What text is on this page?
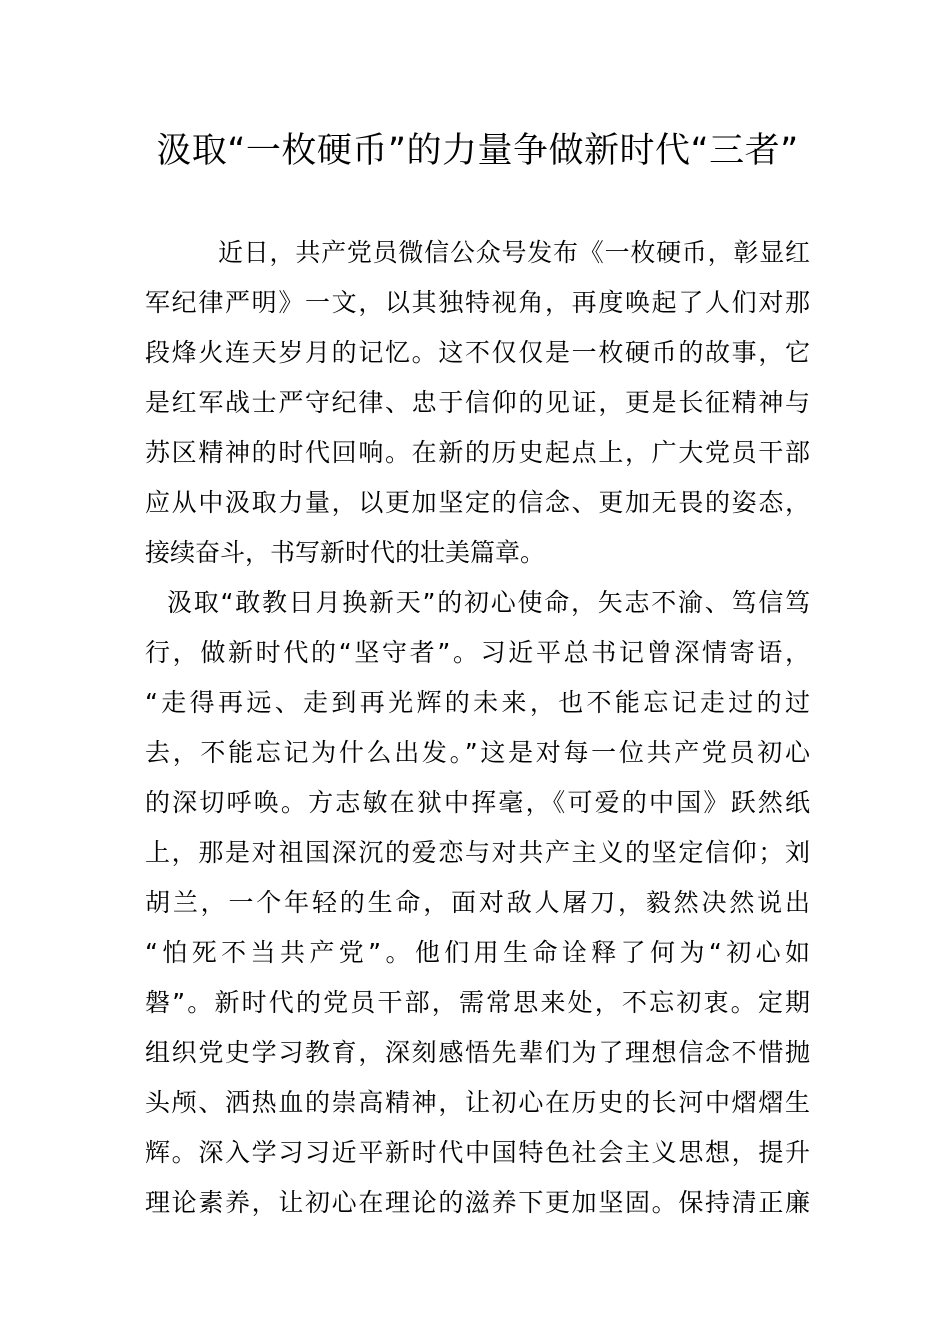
汲取“一枚硬币”的力量争做新时代“三者”
近日，共产党员微信公众号发布《一枚硬币，彰显红
军纪律严明》一文，以其独特视角，再度唤起了人们对那
段烽火连天岁月的记忆。这不仅仅是一枚硬币的故事，它
是红军战士严守纪律、忠于信仰的见证，更是长征精神与
苏区精神的时代回响。在新的历史起点上，广大党员干部
应从中汲取力量，以更加坚定的信念、更加无畏的姿态，
接续奋斗，书写新时代的壮美篇章。
汲取“敢教日月换新天”的初心使命，矢志不渝、笃信笃
行，做新时代的“坚守者”。习近平总书记曾深情寄语，
“走得再远、走到再光辉的未来，也不能忘记走过的过
去，不能忘记为什么出发。”这是对每一位共产党员初心
的深切呼唤。方志敏在狱中挥毫，《可爱的中国》跃然纸
上，那是对祖国深沉的爱恋与对共产主义的坚定信仰；刘
胡兰，一个年轻的生命，面对敌人屠刀，毅然决然说出
“怕死不当共产党”。他们用生命诠释了何为“初心如
磐”。新时代的党员干部，需常思来处，不忘初衷。定期
组织党史学习教育，深刻感悟先辈们为了理想信念不惜抛
头颅、洒热血的崇高精神，让初心在历史的长河中熠熠生
辉。深入学习习近平新时代中国特色社会主义思想，提升
理论素养，让初心在理论的滋养下更加坚固。保持清正廉
